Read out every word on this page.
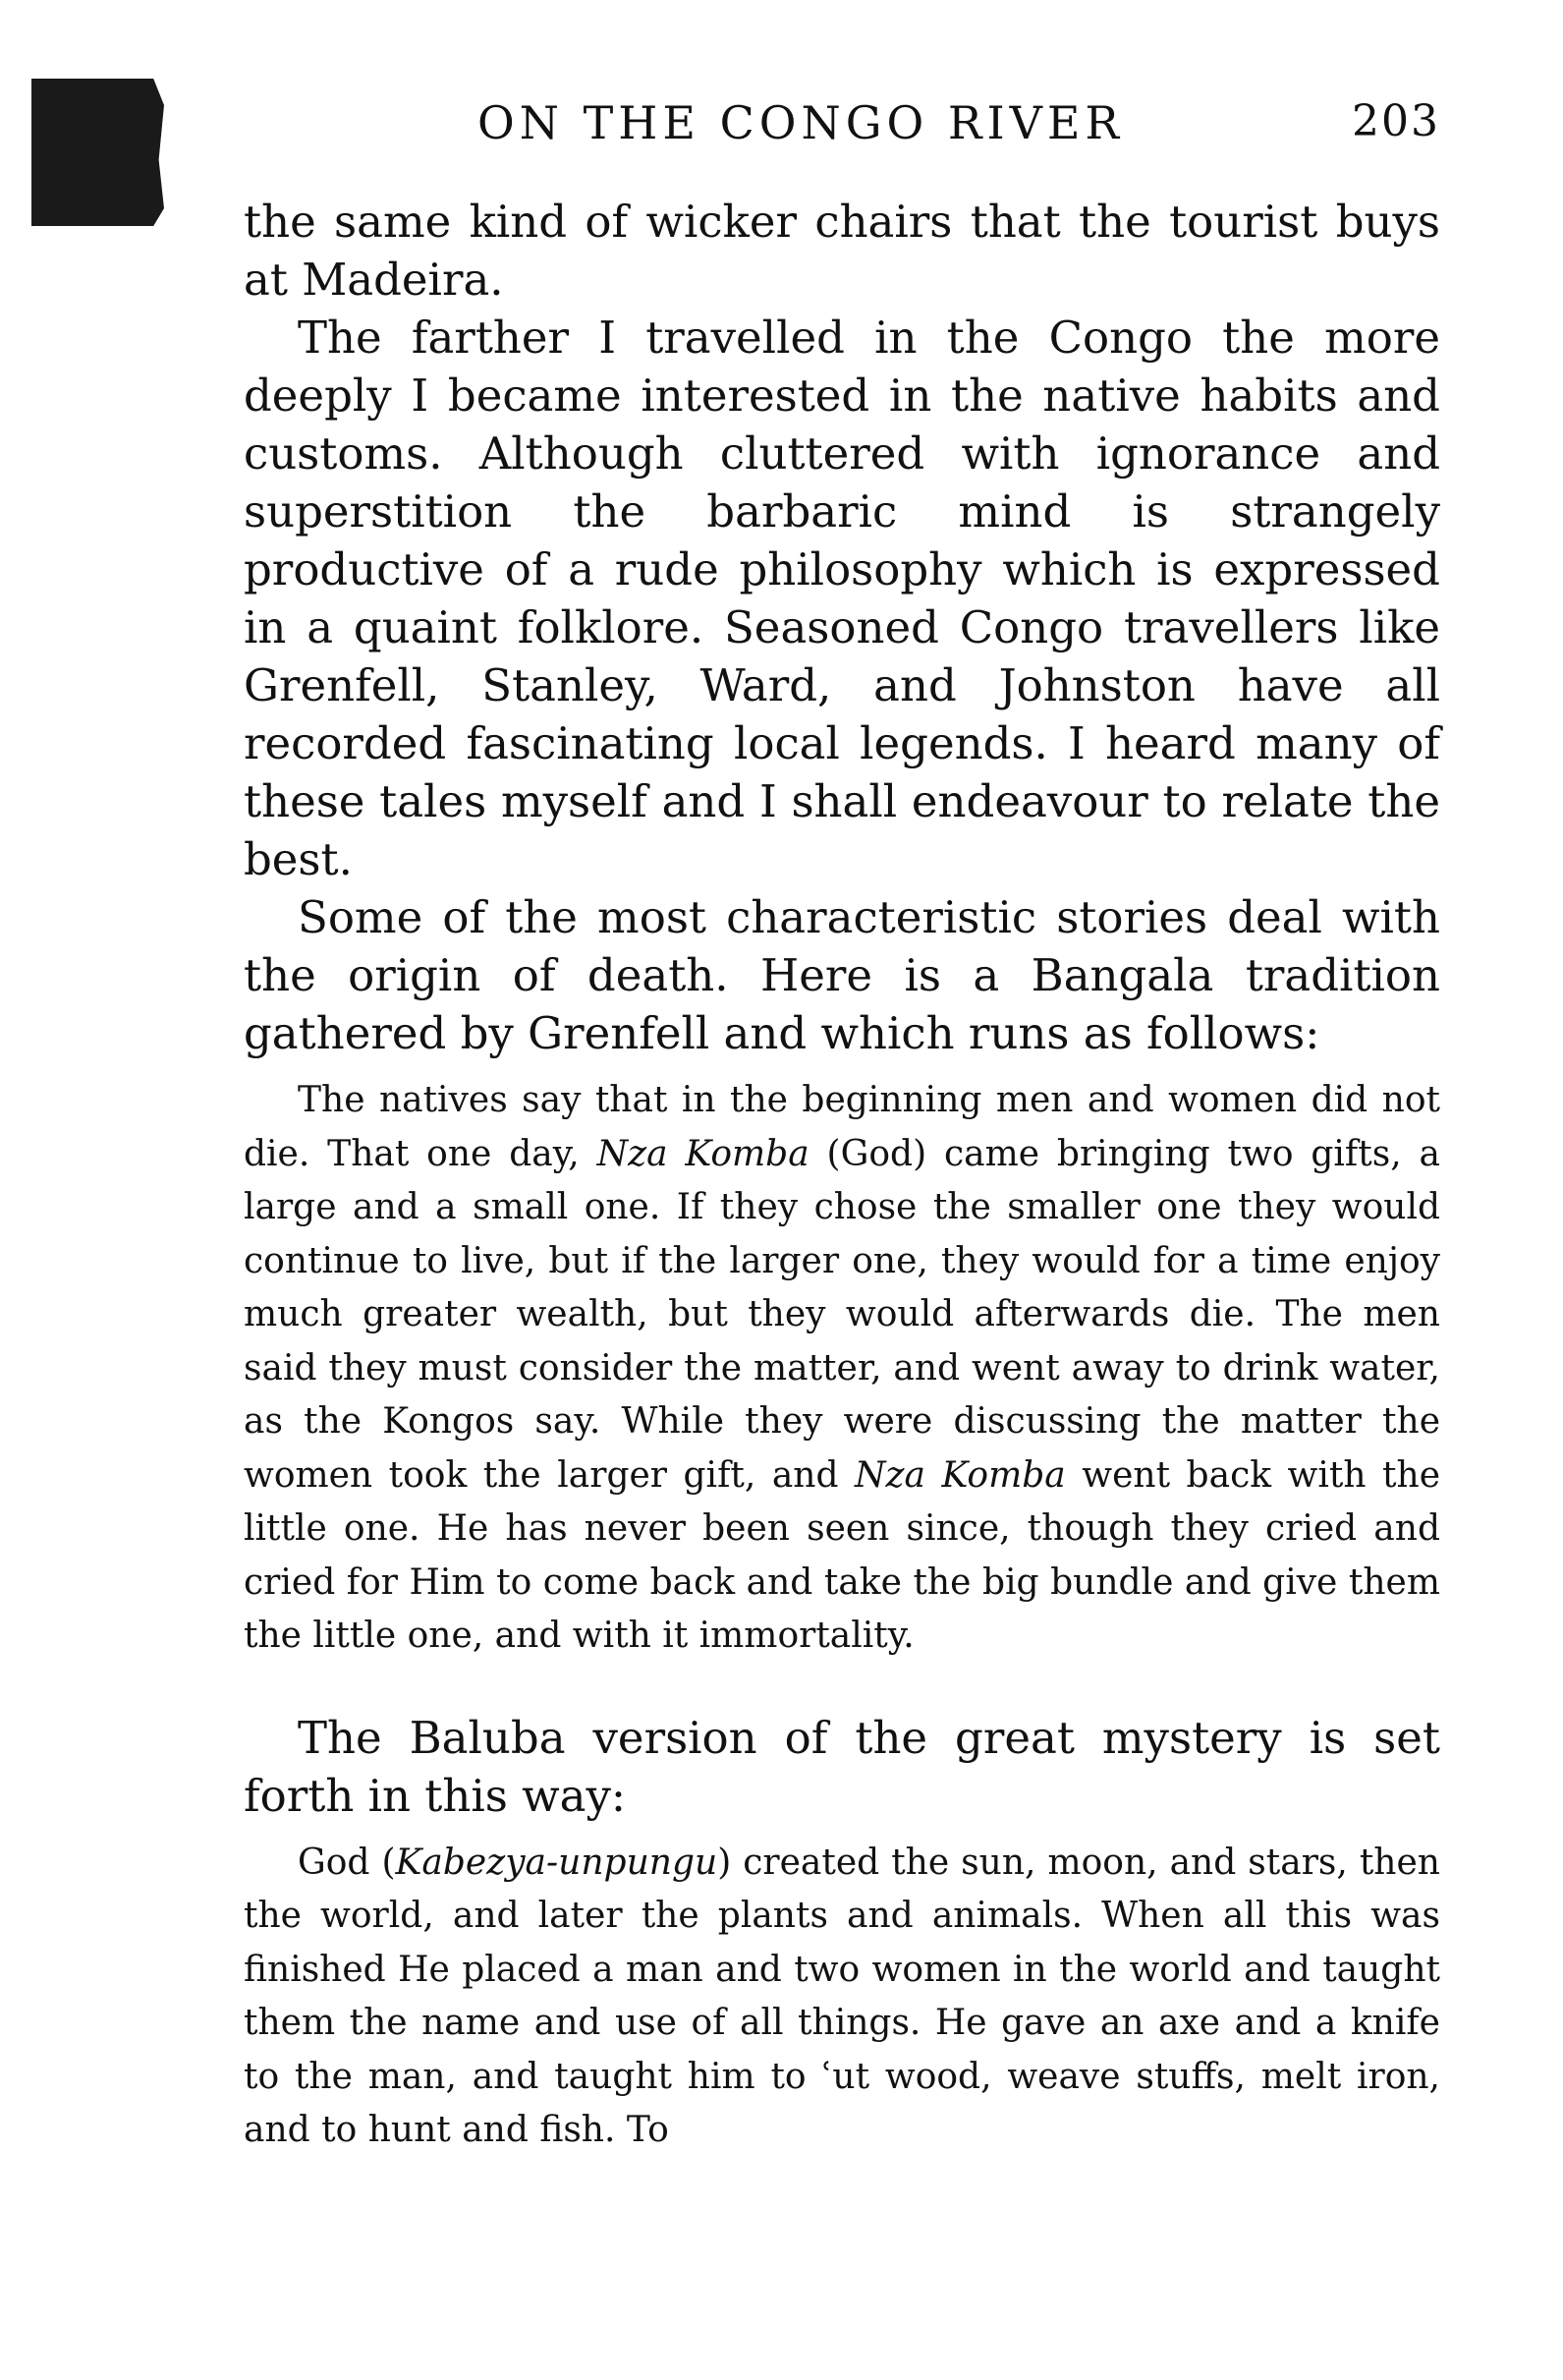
ON THE CONGO RIVER	203

the same kind of wicker chairs that the tourist buys at Madeira.

The farther I travelled in the Congo the more deeply I became interested in the native habits and customs. Although cluttered with ignorance and superstition the barbaric mind is strangely productive of a rude philosophy which is expressed in a quaint folklore. Seasoned Congo travellers like Grenfell, Stanley, Ward, and Johnston have all recorded fascinating local legends. I heard many of these tales myself and I shall endeavour to relate the best.

Some of the most characteristic stories deal with the origin of death. Here is a Bangala tradition gathered by Grenfell and which runs as follows:

The natives say that in the beginning men and women did not die. That one day, Nza Komba (God) came bringing two gifts, a large and a small one. If they chose the smaller one they would continue to live, but if the larger one, they would for a time enjoy much greater wealth, but they would afterwards die. The men said they must consider the matter, and went away to drink water, as the Kongos say. While they were discussing the matter the women took the larger gift, and Nza Komba went back with the little one. He has never been seen since, though they cried and cried for Him to come back and take the big bundle and give them the little one, and with it immortality.

The Baluba version of the great mystery is set forth in this way:

God (Kabezya-unpungu) created the sun, moon, and stars, then the world, and later the plants and animals. When all this was finished He placed a man and two women in the world and taught them the name and use of all things. He gave an axe and a knife to the man, and taught him to ʿut wood, weave stuffs, melt iron, and to hunt and fish. To
